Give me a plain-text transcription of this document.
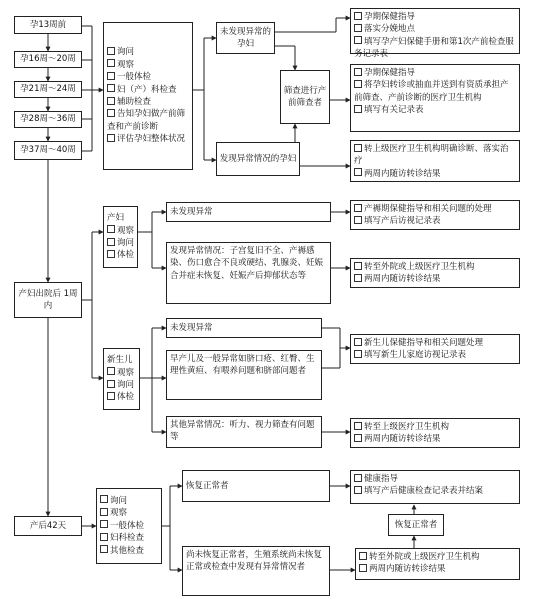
孕13周前
孕16周～20周
孕21周～24周
孕28周～36周
孕37周～40周
询问
观察
一般体检
妇（产）科检查
辅助检查
告知孕妇做产前筛查和产前诊断
评估孕妇整体状况
未发现异常的孕妇
孕期保健指导
落实分娩地点
填写孕产妇保健手册和第1次产前检查服务记录表
筛查进行产前筛查者
孕期保健指导
将孕妇转诊或抽血并送到有资质承担产前筛查、产前诊断的医疗卫生机构
填写有关记录表
发现异常情况的孕妇
转上级医疗卫生机构明确诊断、落实治疗
两周内随访转诊结果
产妇出院后 1周内
产妇
观察
询问
体检
未发现异常	产褥期保健指导和相关问题的处理
填写产后访视记录表
发现异常情况：子宫复旧不全、产褥感染、伤口愈合不良或硬结、乳腺炎、妊娠合并症未恢复、妊娠产后抑郁状态等
转至外院或上级医疗卫生机构
两周内随访转诊结果
新生儿
观察
询问
体检
未发现异常
新生儿保健指导和相关问题处理
填写新生儿家庭访视记录表
早产儿及一般异常如脐口疮、红臀、生理性黄疸、有喂养问题和脐部问题者
其他异常情况：听力、视力筛查有问题等
转至上级医疗卫生机构
两周内随访转诊结果
产后42天
询问
观察
一般体检
妇科检查
其他检查
恢复正常者
健康指导
填写产后健康检查记录表并结案
恢复正常者
尚未恢复正常者，生殖系统尚未恢复正常或检查中发现有异常情况者
转至外院或上级医疗卫生机构
两周内随访转诊结果
